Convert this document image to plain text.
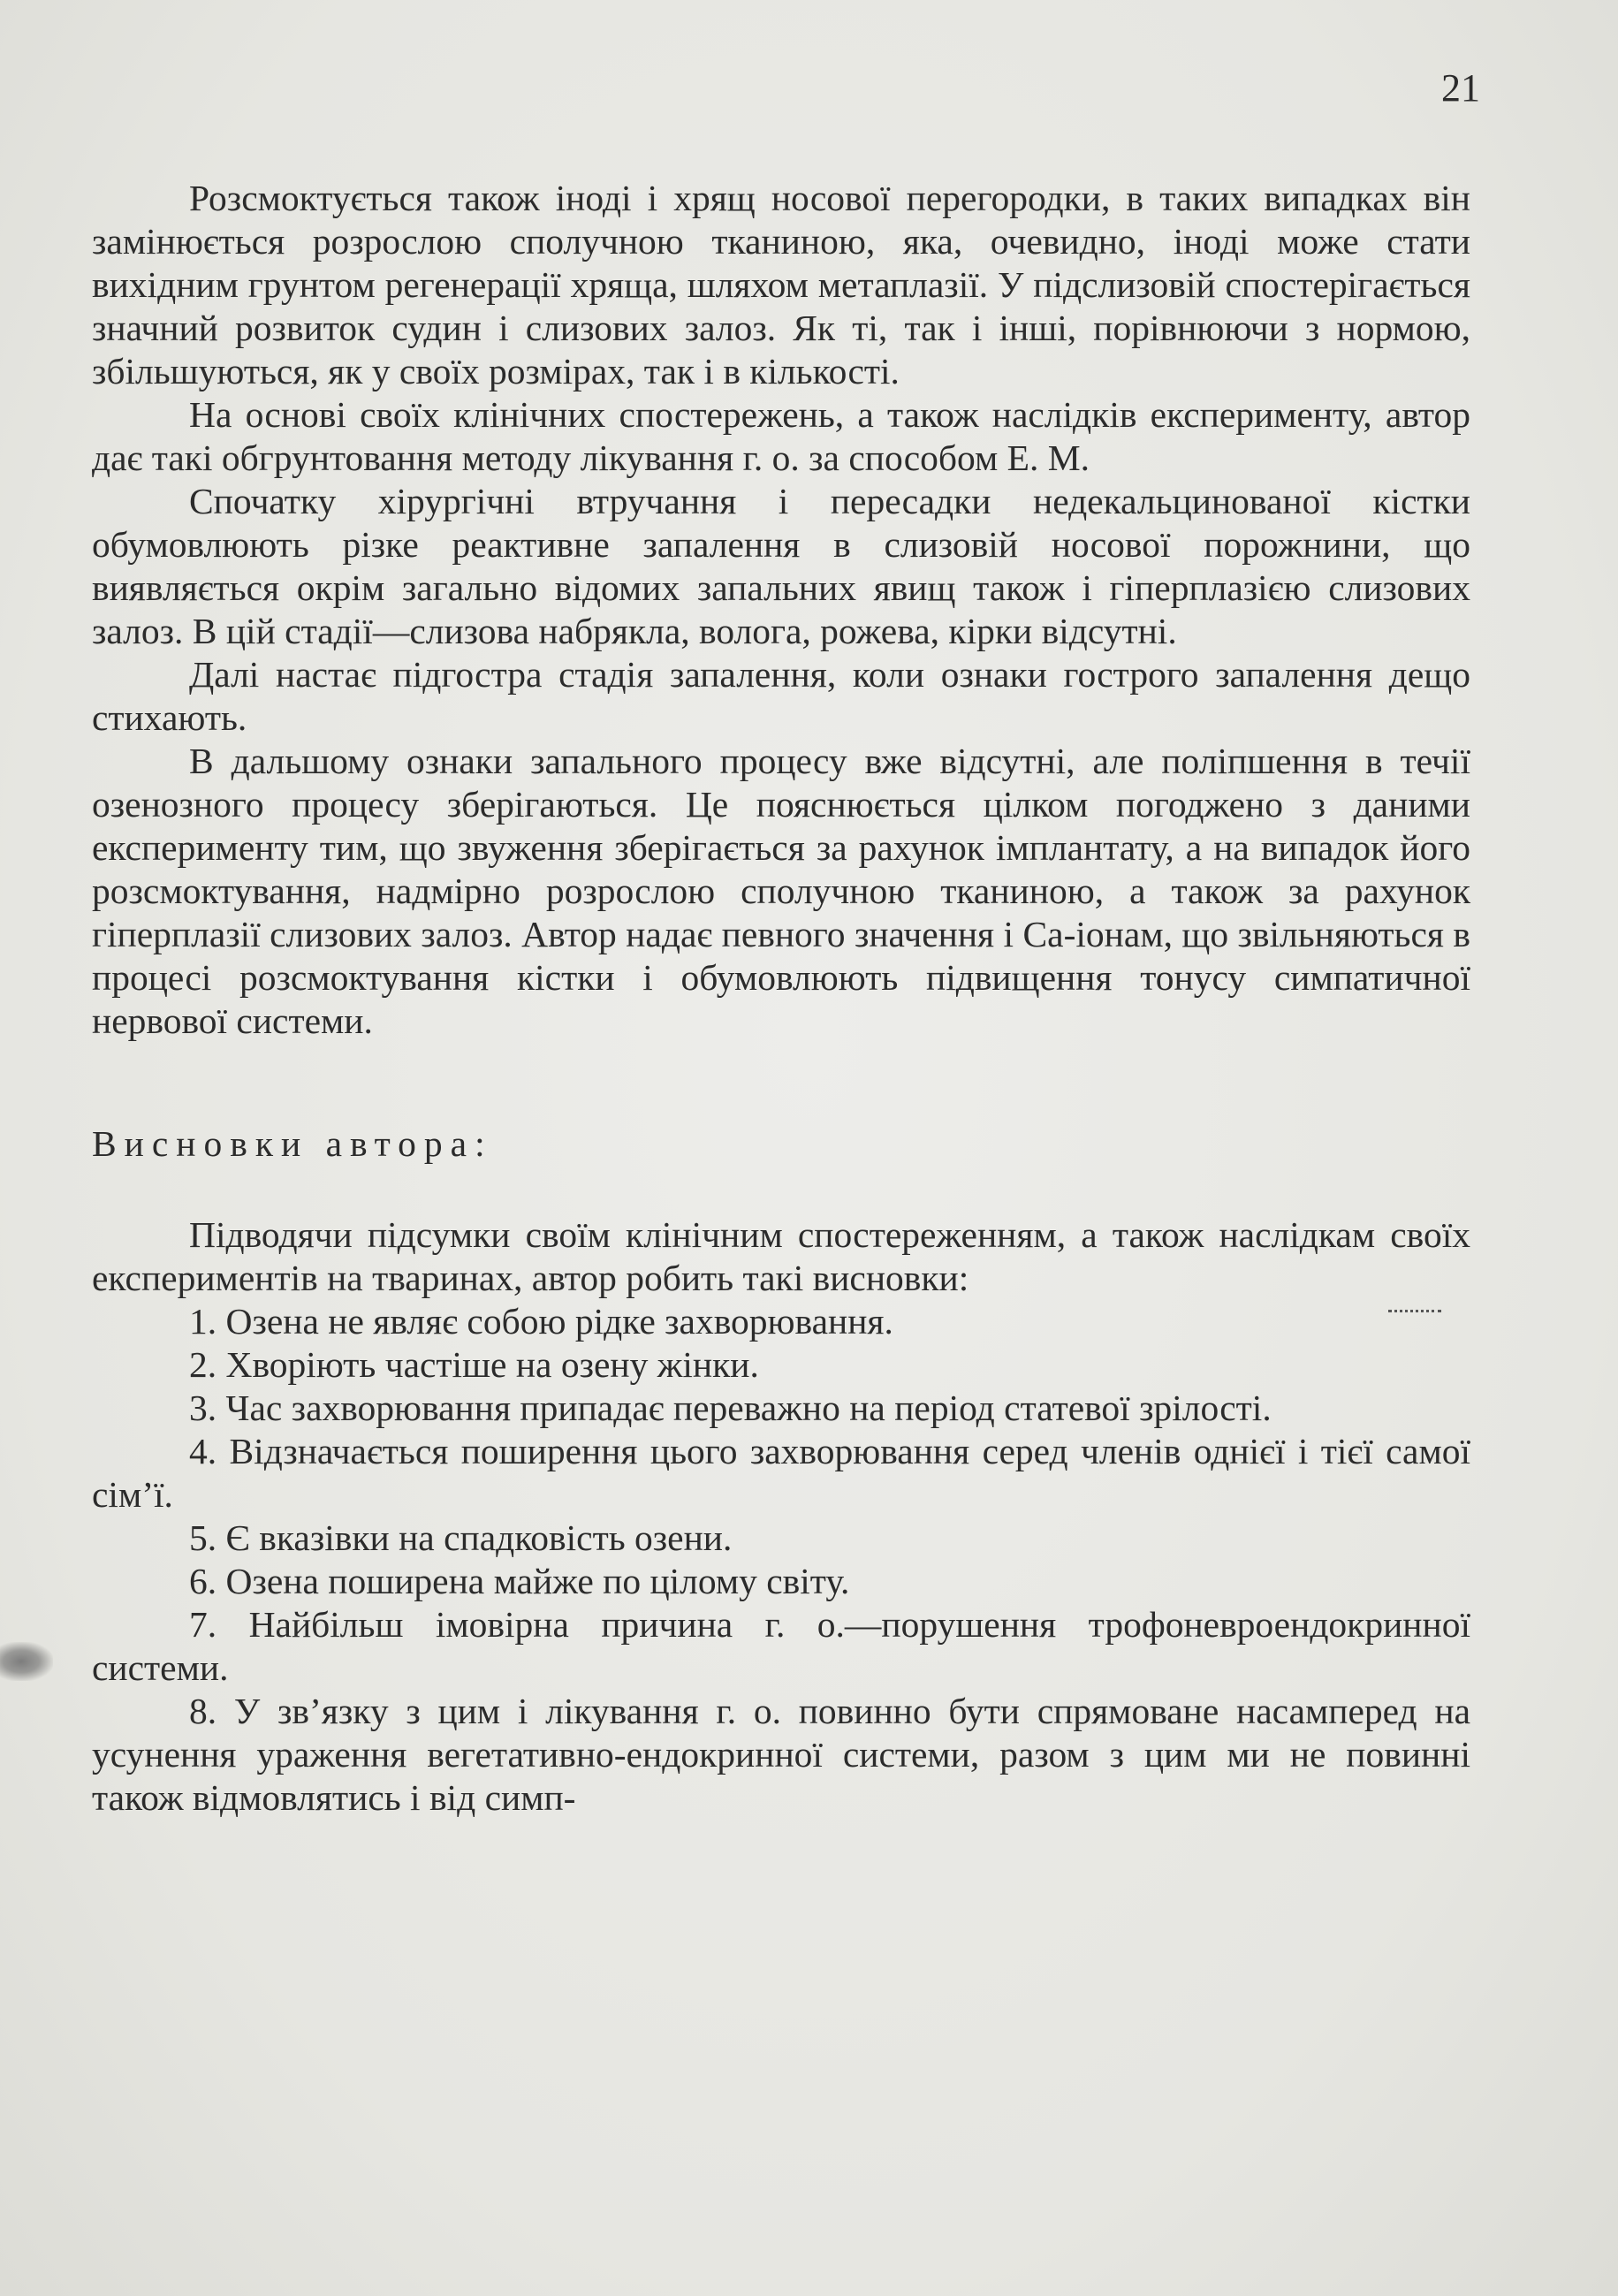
21

Розсмоктується також іноді і хрящ носової перегородки, в таких випадках він замінюється розрослою сполучною тканиною, яка, очевидно, іноді може стати вихідним грунтом регенерації хряща, шляхом метаплазії. У підслизовій спостерігається значний розвиток судин і слизових залоз. Як ті, так і інші, порівнюючи з нормою, збільшуються, як у своїх розмірах, так і в кількості.

На основі своїх клінічних спостережень, а також наслідків експерименту, автор дає такі обгрунтовання методу лікування г. о. за способом Е. М.

Спочатку хірургічні втручання і пересадки недекальцинованої кістки обумовлюють різке реактивне запалення в слизовій носової порожнини, що виявляється окрім загально відомих запальних явищ також і гіперплазією слизових залоз. В цій стадії—слизова набрякла, волога, рожева, кірки відсутні.

Далі настає підгостра стадія запалення, коли ознаки гострого запалення дещо стихають.

В дальшому ознаки запального процесу вже відсутні, але поліпшення в течії озенозного процесу зберігаються. Це пояснюється цілком погоджено з даними експерименту тим, що звуження зберігається за рахунок імплантату, а на випадок його розсмоктування, надмірно розрослою сполучною тканиною, а також за рахунок гіперплазії слизових залоз. Автор надає певного значення і Са-іонам, що звільняються в процесі розсмоктування кістки і обумовлюють підвищення тонусу симпатичної нервової системи.

Висновки автора:

Підводячи підсумки своїм клінічним спостереженням, а також наслідкам своїх експериментів на тваринах, автор робить такі висновки:

1. Озена не являє собою рідке захворювання.
2. Хворіють частіше на озену жінки.
3. Час захворювання припадає переважно на період статевої зрілості.
4. Відзначається поширення цього захворювання серед членів однієї і тієї самої сім’ї.
5. Є вказівки на спадковість озени.
6. Озена поширена майже по цілому світу.
7. Найбільш імовірна причина г. о.—порушення трофоневроендокринної системи.
8. У зв’язку з цим і лікування г. о. повинно бути спрямоване насамперед на усунення ураження вегетативно-ендокринної системи, разом з цим ми не повинні також відмовлятись і від симп-
